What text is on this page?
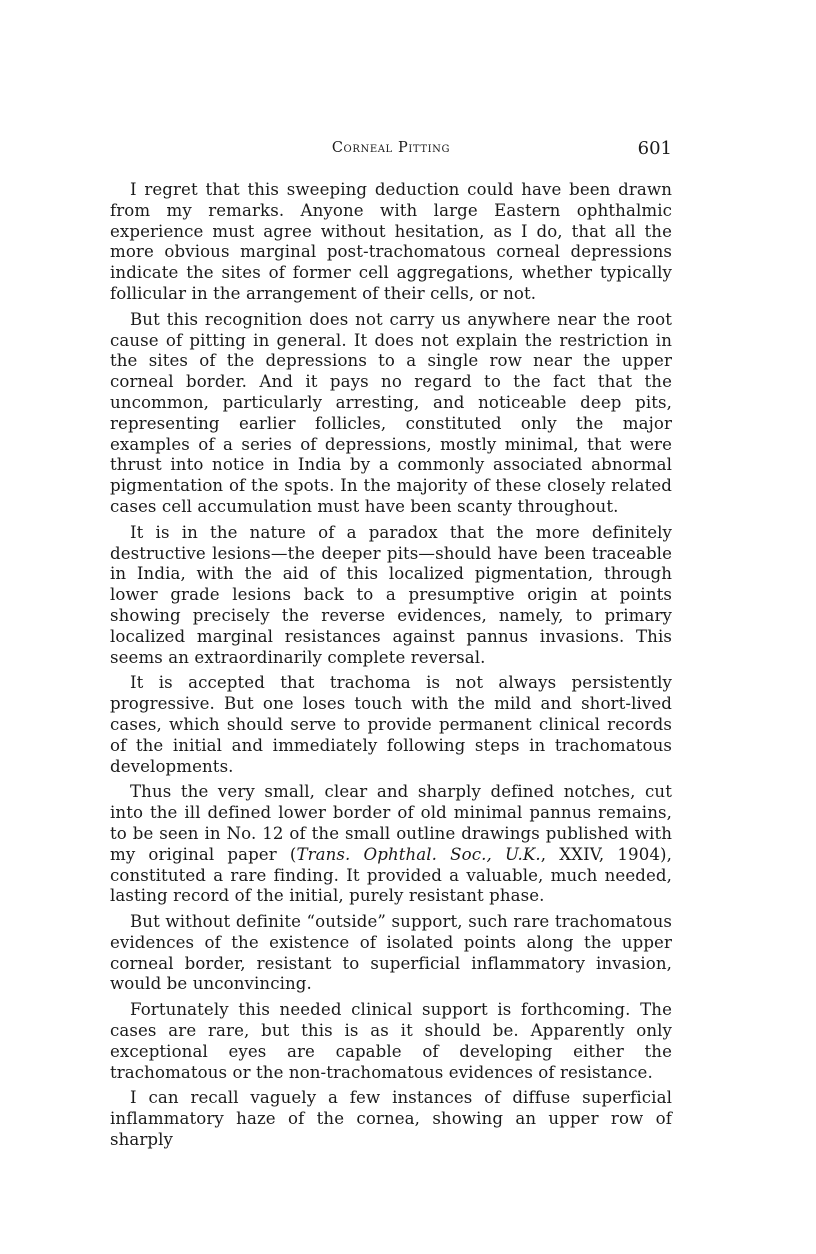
Corneal Pitting	601

I regret that this sweeping deduction could have been drawn from my remarks. Anyone with large Eastern ophthalmic experience must agree without hesitation, as I do, that all the more obvious marginal post-trachomatous corneal depressions indicate the sites of former cell aggregations, whether typically follicular in the arrangement of their cells, or not.

But this recognition does not carry us anywhere near the root cause of pitting in general. It does not explain the restriction in the sites of the depressions to a single row near the upper corneal border. And it pays no regard to the fact that the uncommon, particularly arresting, and noticeable deep pits, representing earlier follicles, constituted only the major examples of a series of depressions, mostly minimal, that were thrust into notice in India by a commonly associated abnormal pigmentation of the spots. In the majority of these closely related cases cell accumulation must have been scanty throughout.

It is in the nature of a paradox that the more definitely destructive lesions—the deeper pits—should have been traceable in India, with the aid of this localized pigmentation, through lower grade lesions back to a presumptive origin at points showing precisely the reverse evidences, namely, to primary localized marginal resistances against pannus invasions. This seems an extraordinarily complete reversal.

It is accepted that trachoma is not always persistently progressive. But one loses touch with the mild and short-lived cases, which should serve to provide permanent clinical records of the initial and immediately following steps in trachomatous developments.

Thus the very small, clear and sharply defined notches, cut into the ill defined lower border of old minimal pannus remains, to be seen in No. 12 of the small outline drawings published with my original paper (Trans. Ophthal. Soc., U.K., XXIV, 1904), constituted a rare finding. It provided a valuable, much needed, lasting record of the initial, purely resistant phase.

But without definite “outside” support, such rare trachomatous evidences of the existence of isolated points along the upper corneal border, resistant to superficial inflammatory invasion, would be unconvincing.

Fortunately this needed clinical support is forthcoming. The cases are rare, but this is as it should be. Apparently only exceptional eyes are capable of developing either the trachomatous or the non-trachomatous evidences of resistance.

I can recall vaguely a few instances of diffuse superficial inflammatory haze of the cornea, showing an upper row of sharply
